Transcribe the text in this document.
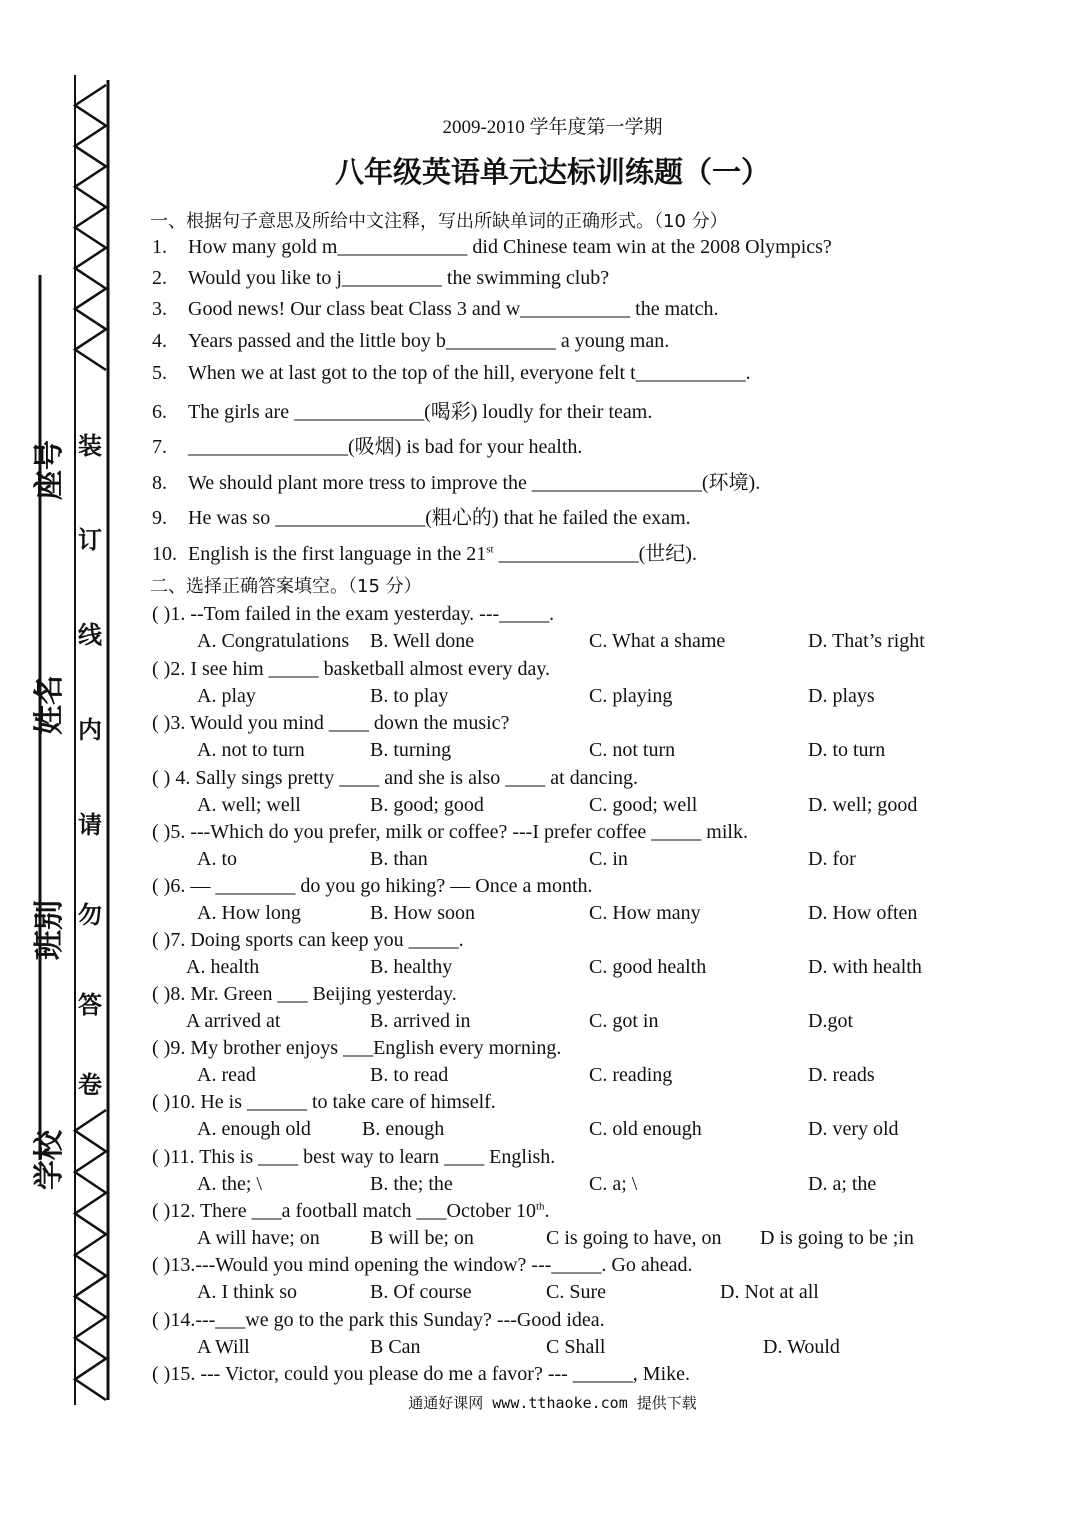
学校
班别
姓名
座号 装
订
线
内
请
勿
答
卷
2009-2010 学年度第一学期
八年级英语单元达标训练题（一）
一、根据句子意思及所给中文注释，写出所缺单词的正确形式。（10 分）
1. How many gold m_____________ did Chinese team win at the 2008 Olympics?
2. Would you like to j__________ the swimming club?
3. Good news! Our class beat Class 3 and w___________ the match.
4. Years passed and the little boy b___________ a young man.
5. When we at last got to the top of the hill, everyone felt t___________.
6. The girls are _____________(喝彩) loudly for their team.
7. ________________(吸烟) is bad for your health.
8. We should plant more tress to improve the _________________(环境).
9. He was so _______________(粗心的) that he failed the exam.
10. English is the first language in the 21st ______________(世纪).
二、选择正确答案填空。（15 分）
( )1. --Tom failed in the exam yesterday. ---_____.
A. Congratulations B. Well done	C. What a shame	D. That’s right
( )2. I see him _____ basketball almost every day.
A. play	B. to play	C. playing	D. plays
( )3. Would you mind ____ down the music?
A. not to turn	B. turning	C. not turn	D. to turn
( ) 4. Sally sings pretty ____ and she is also ____ at dancing.
A. well; well	B. good; good	C. good; well	D. well; good
( )5. ---Which do you prefer, milk or coffee? ---I prefer coffee _____ milk.
A. to	B. than	C. in	D. for
( )6. — ________ do you go hiking? — Once a month.
A. How long	B. How soon	C. How many	D. How often
( )7. Doing sports can keep you _____.
A. health	B. healthy	C. good health	D. with health
( )8. Mr. Green ___ Beijing yesterday.
A arrived at	B. arrived in	C. got in	D.got
( )9. My brother enjoys ___English every morning.
A. read	B. to read	C. reading	D. reads
( )10. He is ______ to take care of himself.
A. enough old	B. enough	C. old enough	D. very old
( )11. This is ____ best way to learn ____ English.
A. the; \	B. the; the	C. a; \	D. a; the
( )12. There ___a football match ___October 10th.
A will have; on	B will be; on	C is going to have, on D is going to be ;in
( )13.---Would you mind opening the window? ---_____. Go ahead.
A. I think so	B. Of course	C. Sure	D. Not at all
( )14.---___we go to the park this Sunday? ---Good idea.
A Will	B Can	C Shall	D. Would
( )15. --- Victor, could you please do me a favor? --- ______, Mike.
通通好课网 www.tthaoke.com 提供下载
